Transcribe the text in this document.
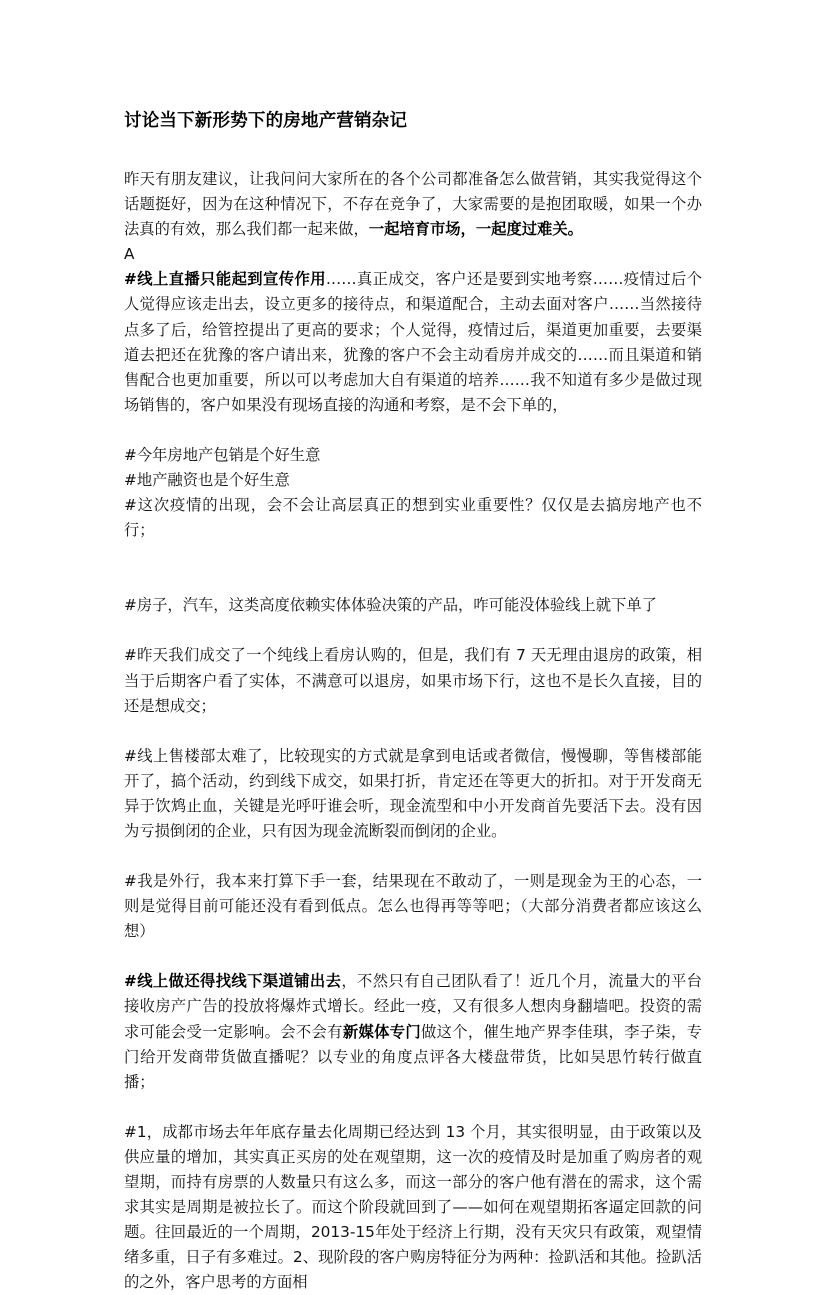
讨论当下新形势下的房地产营销杂记

昨天有朋友建议，让我问问大家所在的各个公司都准备怎么做营销，其实我觉得这个话题挺好，因为在这种情况下，不存在竞争了，大家需要的是抱团取暖，如果一个办法真的有效，那么我们都一起来做，一起培育市场，一起度过难关。

A

#线上直播只能起到宣传作用……真正成交，客户还是要到实地考察……疫情过后个人觉得应该走出去，设立更多的接待点，和渠道配合，主动去面对客户……当然接待点多了后，给管控提出了更高的要求；个人觉得，疫情过后，渠道更加重要，去要渠道去把还在犹豫的客户请出来，犹豫的客户不会主动看房并成交的……而且渠道和销售配合也更加重要，所以可以考虑加大自有渠道的培养……我不知道有多少是做过现场销售的，客户如果没有现场直接的沟通和考察，是不会下单的，

#今年房地产包销是个好生意

#地产融资也是个好生意

#这次疫情的出现，会不会让高层真正的想到实业重要性？仅仅是去搞房地产也不行；

#房子，汽车，这类高度依赖实体体验决策的产品，咋可能没体验线上就下单了

#昨天我们成交了一个纯线上看房认购的，但是，我们有 7 天无理由退房的政策，相当于后期客户看了实体，不满意可以退房，如果市场下行，这也不是长久直接，目的还是想成交；

#线上售楼部太难了，比较现实的方式就是拿到电话或者微信，慢慢聊，等售楼部能开了，搞个活动，约到线下成交，如果打折，肯定还在等更大的折扣。对于开发商无异于饮鸩止血，关键是光呼吁谁会听，现金流型和中小开发商首先要活下去。没有因为亏损倒闭的企业，只有因为现金流断裂而倒闭的企业。

#我是外行，我本来打算下手一套，结果现在不敢动了，一则是现金为王的心态，一则是觉得目前可能还没有看到低点。怎么也得再等等吧；（大部分消费者都应该这么想）

#线上做还得找线下渠道铺出去，不然只有自己团队看了！近几个月，流量大的平台接收房产广告的投放将爆炸式增长。经此一疫，又有很多人想肉身翻墙吧。投资的需求可能会受一定影响。会不会有新媒体专门做这个，催生地产界李佳琪，李子柒，专门给开发商带货做直播呢？以专业的角度点评各大楼盘带货，比如吴思竹转行做直播；

#1，成都市场去年年底存量去化周期已经达到 13 个月，其实很明显，由于政策以及供应量的增加，其实真正买房的处在观望期，这一次的疫情及时是加重了购房者的观望期，而持有房票的人数量只有这么多，而这一部分的客户他有潜在的需求，这个需求其实是周期是被拉长了。而这个阶段就回到了——如何在观望期拓客逼定回款的问题。往回最近的一个周期，2013-15年处于经济上行期，没有天灾只有政策，观望情绪多重，日子有多难过。2、现阶段的客户购房特征分为两种：捡趴活和其他。捡趴活的之外，客户思考的方面相
